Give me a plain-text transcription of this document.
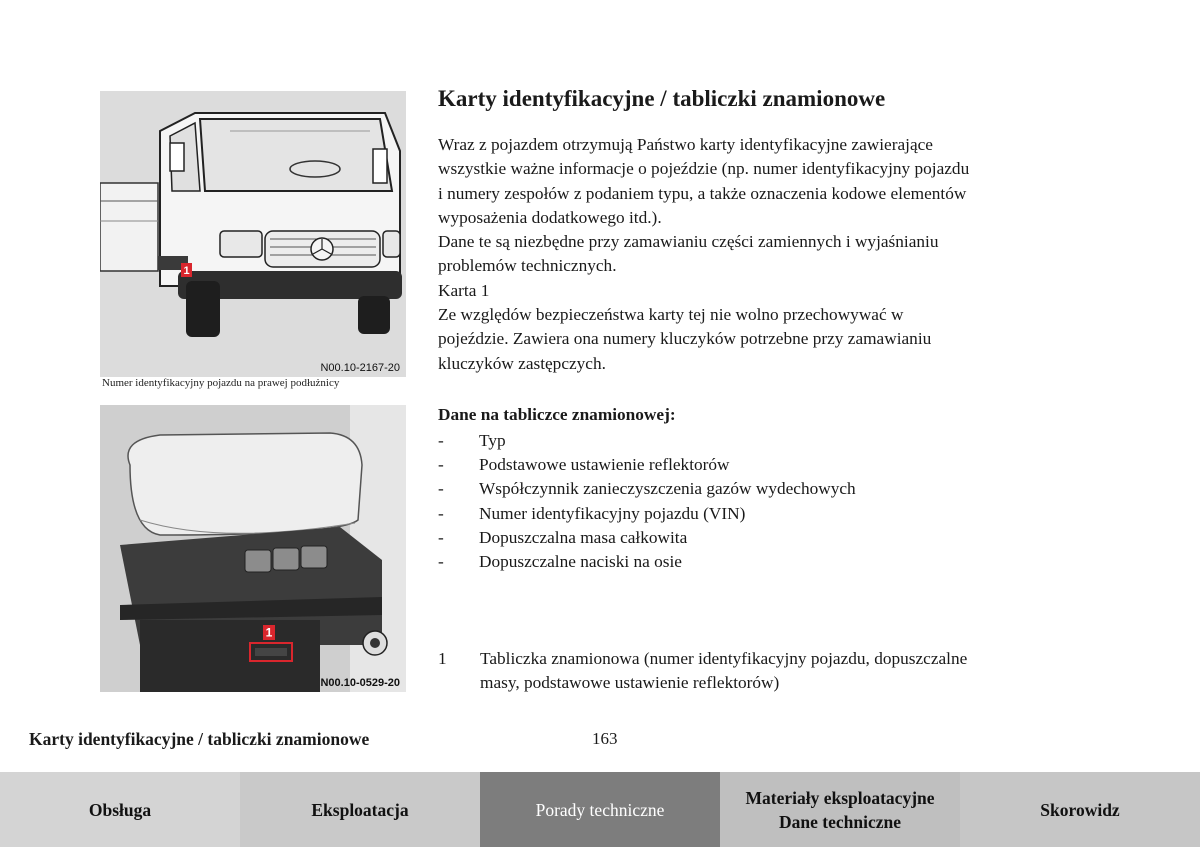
1
N00.10-2167-20
Numer identyfikacyjny pojazdu na prawej podłużnicy
1
N00.10-0529-20
Karty identyfikacyjne / tabliczki znamionowe
Wraz z pojazdem otrzymują Państwo karty identyfikacyjne zawierające
wszystkie ważne informacje o pojeździe (np. numer identyfikacyjny pojazdu
i numery zespołów z podaniem typu, a także oznaczenia kodowe elementów
wyposażenia dodatkowego itd.).
Dane te są niezbędne przy zamawianiu części zamiennych i wyjaśnianiu
problemów technicznych.
Karta 1
Ze względów bezpieczeństwa karty tej nie wolno przechowywać w
pojeździe. Zawiera ona numery kluczyków potrzebne przy zamawianiu
kluczyków zastępczych.
Dane na tabliczce znamionowej:
-	Typ
-	Podstawowe ustawienie reflektorów
-	Współczynnik zanieczyszczenia gazów wydechowych
-	Numer identyfikacyjny pojazdu (VIN)
-	Dopuszczalna masa całkowita
-	Dopuszczalne naciski na osie
1	Tabliczka znamionowa (numer identyfikacyjny pojazdu, dopuszczalne
masy, podstawowe ustawienie reflektorów)
Karty identyfikacyjne / tabliczki znamionowe	163
Obsługa	Eksploatacja	Porady techniczne
Materiały eksploatacyjne
Dane techniczne
Skorowidz
